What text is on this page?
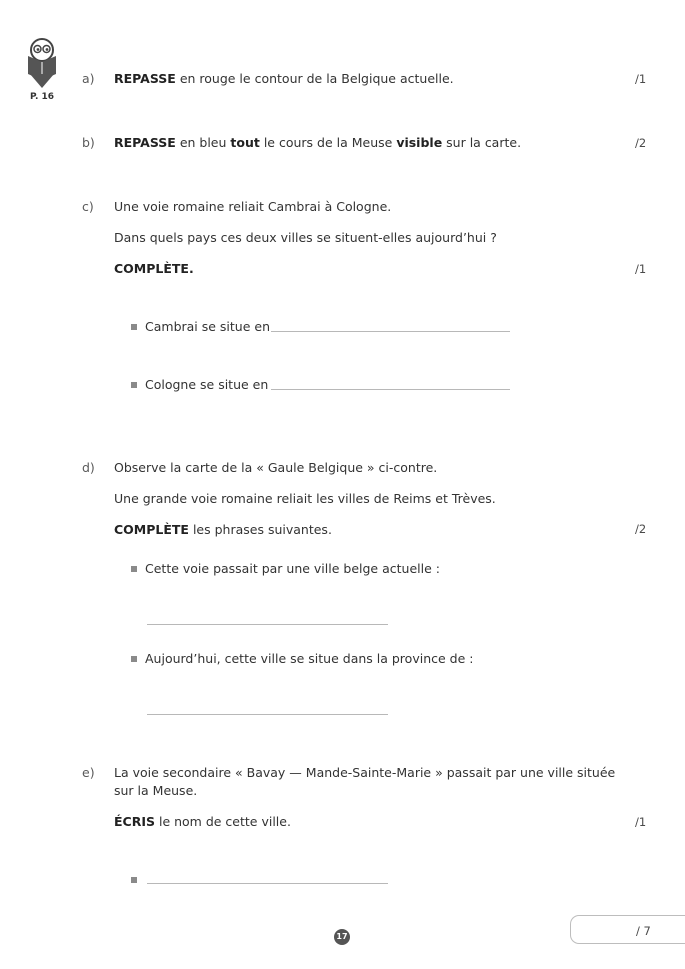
P. 16
a) REPASSE en rouge le contour de la Belgique actuelle.	/1
b) REPASSE en bleu tout le cours de la Meuse visible sur la carte.	/2
c) Une voie romaine reliait Cambrai à Cologne.
Dans quels pays ces deux villes se situent-elles aujourd’hui ?
COMPLÈTE.	/1
Cambrai se situe en
Cologne se situe en
d) Observe la carte de la « Gaule Belgique » ci-contre.
Une grande voie romaine reliait les villes de Reims et Trèves.
COMPLÈTE les phrases suivantes.	/2
Cette voie passait par une ville belge actuelle :
Aujourd’hui, cette ville se situe dans la province de :
e) La voie secondaire « Bavay — Mande-Sainte-Marie » passait par une ville située
sur la Meuse.
ÉCRIS le nom de cette ville.	/1
17	/ 7
